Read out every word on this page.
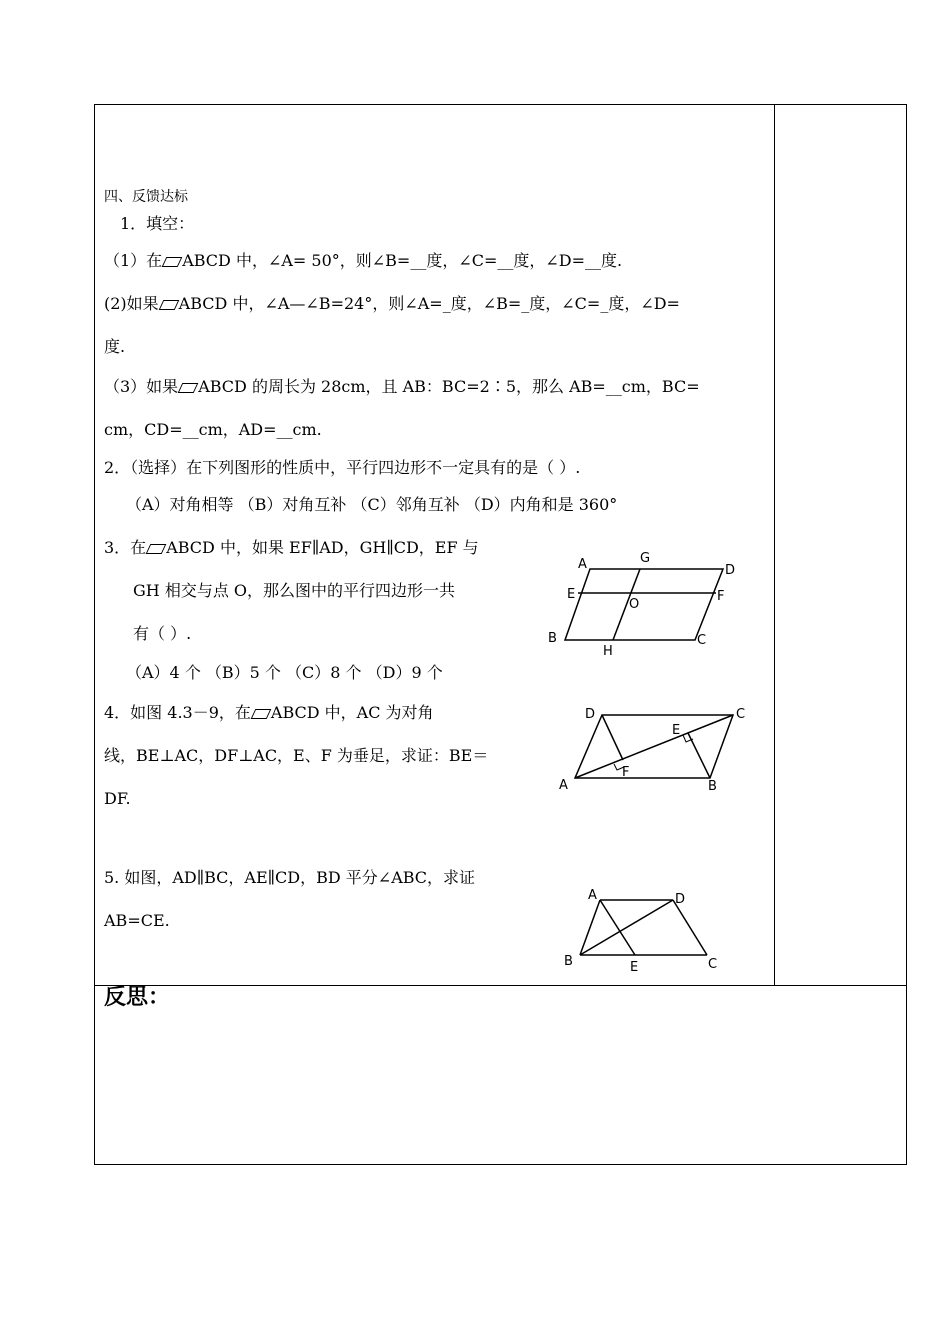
四、反馈达标
1．填空：
（1）在 ABCD 中，∠A= 50°，则∠B=__度，∠C=__度，∠D=__度.
(2)如果 ABCD 中，∠A—∠B=24°，则∠A=_度，∠B=_度，∠C=_度，∠D=
度.
（3）如果 ABCD 的周长为 28cm，且 AB：BC=2∶5，那么 AB=__cm，BC=
cm，CD=__cm，AD=__cm.
2．（选择）在下列图形的性质中，平行四边形不一定具有的是（ ）.
（A）对角相等 （B）对角互补 （C）邻角互补 （D）内角和是 360°
3．在 ABCD 中，如果 EF∥AD，GH∥CD，EF 与
GH 相交与点 O，那么图中的平行四边形一共
有（ ）.
（A）4 个 （B）5 个 （C）8 个 （D）9 个
4．如图 4.3－9，在 ABCD 中，AC 为对角
线，BE⊥AC，DF⊥AC，E、F 为垂足，求证：BE＝
DF.
5. 如图，AD∥BC，AE∥CD，BD 平分∠ABC，求证
AB=CE.
反思：
A	G
D
E
O
F
B
H
C
D	C
E
F
A	B
A	D
B	E	C
